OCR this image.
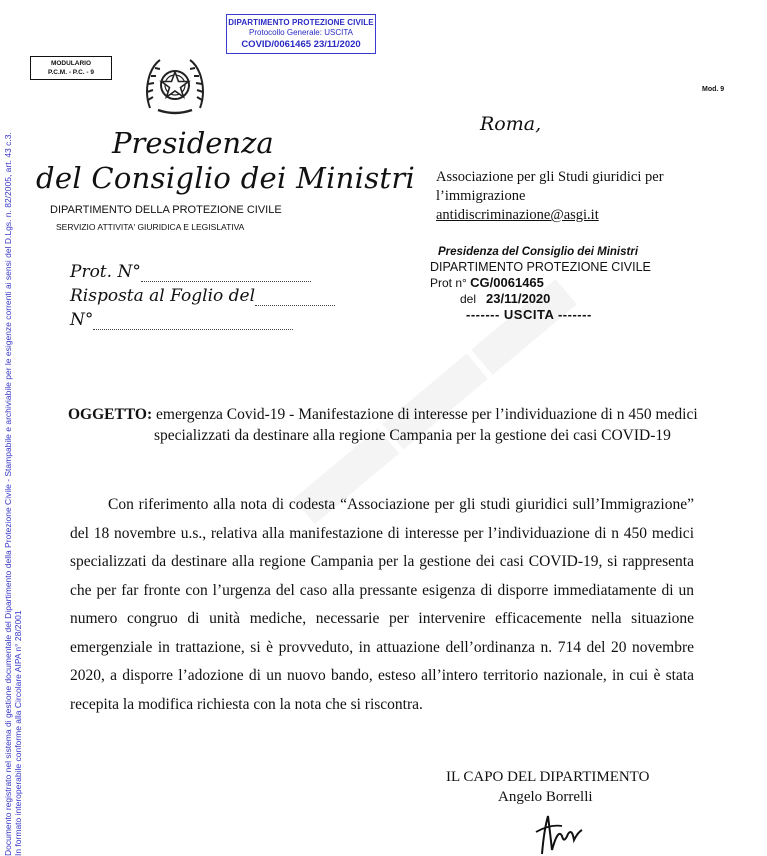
Documento registrato nel sistema di gestione documentale del Dipartimento della Protezione Civile - Stampabile e archiviabile per le esigenze correnti ai sensi del D.Lgs. n. 82/2005, art. 43 c.3. In formato interoperabile conforme alla Circolare AIPA n° 28/2001
DIPARTIMENTO PROTEZIONE CIVILE
Protocollo Generale: USCITA
COVID/0061465 23/11/2020
MODULARIO
P.C.M. - P.C. - 9
Mod. 9
Presidenza
del Consiglio dei Ministri
DIPARTIMENTO DELLA PROTEZIONE CIVILE
SERVIZIO ATTIVITA' GIURIDICA E LEGISLATIVA
Prot. N°
Risposta al Foglio del
N°
Roma,
Associazione per gli Studi giuridici per
l’immigrazione
antidiscriminazione@asgi.it
Presidenza del Consiglio dei Ministri
DIPARTIMENTO PROTEZIONE CIVILE
Prot n° CG/0061465
del 23/11/2020
------- USCITA -------
OGGETTO: emergenza Covid-19 - Manifestazione di interesse per l’individuazione di n 450 medici
specializzati da destinare alla regione Campania per la gestione dei casi COVID-19
Con riferimento alla nota di codesta “Associazione per gli studi giuridici sull’Immigrazione” del 18 novembre u.s., relativa alla manifestazione di interesse per l’individuazione di n 450 medici specializzati da destinare alla regione Campania per la gestione dei casi COVID-19, si rappresenta che per far fronte con l’urgenza del caso alla pressante esigenza di disporre immediatamente di un numero congruo di unità mediche, necessarie per intervenire efficacemente nella situazione emergenziale in trattazione, si è provveduto, in attuazione dell’ordinanza n. 714 del 20 novembre 2020, a disporre l’adozione di un nuovo bando, esteso all’intero territorio nazionale, in cui è stata recepita la modifica richiesta con la nota che si riscontra.
IL CAPO DEL DIPARTIMENTO
Angelo Borrelli
